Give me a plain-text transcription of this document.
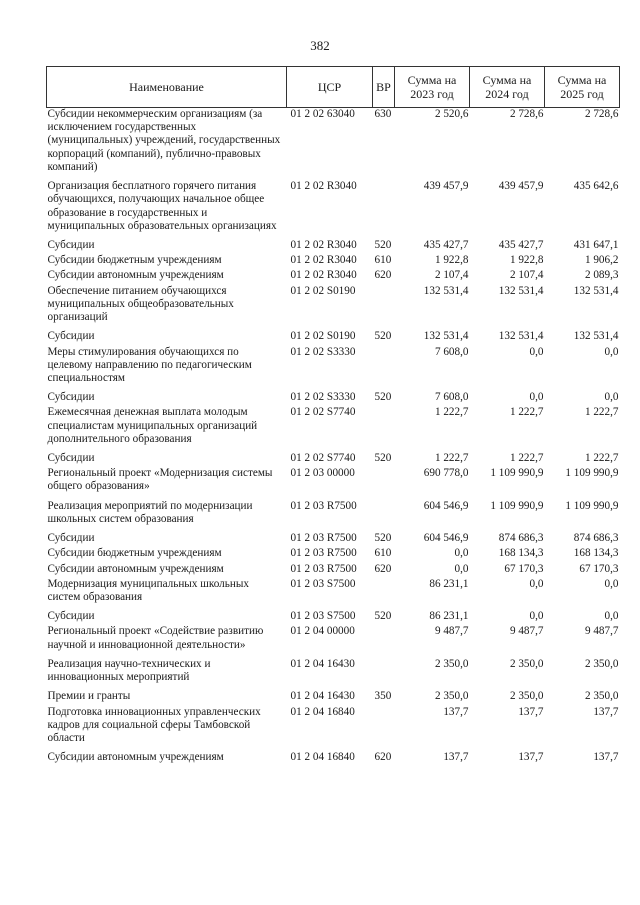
382
Наименование	ЦСР	ВР	Сумма на 2023 год	Сумма на 2024 год	Сумма на 2025 год
Субсидии некоммерческим организациям (за исключением государственных (муниципальных) учреждений, государственных корпораций (компаний), публично-правовых компаний)	01 2 02 63040	630	2 520,6	2 728,6	2 728,6

Организация бесплатного горячего питания обучающихся, получающих начальное общее образование в государственных и муниципальных образовательных организациях	01 2 02 R3040		439 457,9	439 457,9	435 642,6

Субсидии	01 2 02 R3040	520	435 427,7	435 427,7	431 647,1

Субсидии бюджетным учреждениям	01 2 02 R3040	610	1 922,8	1 922,8	1 906,2

Субсидии автономным учреждениям	01 2 02 R3040	620	2 107,4	2 107,4	2 089,3

Обеспечение питанием обучающихся муниципальных общеобразовательных организаций	01 2 02 S0190		132 531,4	132 531,4	132 531,4

Субсидии	01 2 02 S0190	520	132 531,4	132 531,4	132 531,4

Меры стимулирования обучающихся по целевому направлению по педагогическим специальностям	01 2 02 S3330		7 608,0	0,0	0,0

Субсидии	01 2 02 S3330	520	7 608,0	0,0	0,0

Ежемесячная денежная выплата молодым специалистам муниципальных организаций дополнительного образования	01 2 02 S7740		1 222,7	1 222,7	1 222,7

Субсидии	01 2 02 S7740	520	1 222,7	1 222,7	1 222,7

Региональный проект «Модернизация системы общего образования»	01 2 03 00000		690 778,0	1 109 990,9	1 109 990,9

Реализация мероприятий по модернизации школьных систем образования	01 2 03 R7500		604 546,9	1 109 990,9	1 109 990,9

Субсидии	01 2 03 R7500	520	604 546,9	874 686,3	874 686,3

Субсидии бюджетным учреждениям	01 2 03 R7500	610	0,0	168 134,3	168 134,3

Субсидии автономным учреждениям	01 2 03 R7500	620	0,0	67 170,3	67 170,3

Модернизация муниципальных школьных систем образования	01 2 03 S7500		86 231,1	0,0	0,0

Субсидии	01 2 03 S7500	520	86 231,1	0,0	0,0

Региональный проект «Содействие развитию научной и инновационной деятельности»	01 2 04 00000		9 487,7	9 487,7	9 487,7

Реализация научно-технических и инновационных мероприятий	01 2 04 16430		2 350,0	2 350,0	2 350,0

Премии и гранты	01 2 04 16430	350	2 350,0	2 350,0	2 350,0

Подготовка инновационных управленческих кадров для социальной сферы Тамбовской области	01 2 04 16840		137,7	137,7	137,7

Субсидии автономным учреждениям	01 2 04 16840	620	137,7	137,7	137,7
